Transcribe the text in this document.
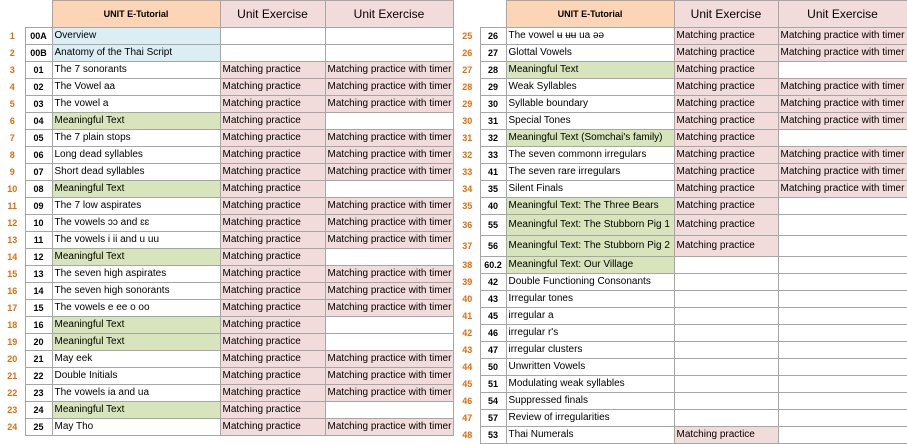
		UNIT E-Tutorial	Unit Exercise	Unit Exercise
1	00A	Overview		
2	00B	Anatomy of the Thai Script		
3	01	The 7 sonorants	Matching practice	Matching practice with timer
4	02	The Vowel aa	Matching practice	Matching practice with timer
5	03	The vowel a	Matching practice	Matching practice with timer
6	04	Meaningful Text	Matching practice	
7	05	The 7 plain stops	Matching practice	Matching practice with timer
8	06	Long dead syllables	Matching practice	Matching practice with timer
9	07	Short dead syllables	Matching practice	Matching practice with timer
10	08	Meaningful Text	Matching practice	
11	09	The 7 low aspirates	Matching practice	Matching practice with timer
12	10	The vowels ɔɔ and ɛɛ	Matching practice	Matching practice with timer
13	11	The vowels i ii and u uu	Matching practice	Matching practice with timer
14	12	Meaningful Text	Matching practice	
15	13	The seven high aspirates	Matching practice	Matching practice with timer
16	14	The seven high sonorants	Matching practice	Matching practice with timer
17	15	The vowels e ee o oo	Matching practice	Matching practice with timer
18	16	Meaningful Text	Matching practice	
19	20	Meaningful Text	Matching practice	
20	21	May eek	Matching practice	Matching practice with timer
21	22	Double Initials	Matching practice	Matching practice with timer
22	23	The vowels ia and ua	Matching practice	Matching practice with timer
23	24	Meaningful Text	Matching practice	
24	25	May Tho	Matching practice	Matching practice with timer
		UNIT E-Tutorial	Unit Exercise	Unit Exercise
25	26	The vowel ʉ ʉʉ ua əə	Matching practice	Matching practice with timer
26	27	Glottal Vowels	Matching practice	Matching practice with timer
27	28	Meaningful Text	Matching practice	
28	29	Weak Syllables	Matching practice	Matching practice with timer
29	30	Syllable boundary	Matching practice	Matching practice with timer
30	31	Special Tones	Matching practice	Matching practice with timer
31	32	Meaningful Text (Somchai's family)	Matching practice	
32	33	The seven commonn irregulars	Matching practice	Matching practice with timer
33	41	The seven rare irregulars	Matching practice	Matching practice with timer
34	35	Silent Finals	Matching practice	Matching practice with timer
35	40	Meaningful Text: The Three Bears	Matching practice	
36	55	Meaningful Text: The Stubborn Pig 1	Matching practice	
37	56	Meaningful Text: The Stubborn Pig 2	Matching practice	
38	60.2	Meaningful Text: Our Village		
39	42	Double Functioning Consonants		
40	43	Irregular tones		
41	45	irregular a		
42	46	irregular r's		
43	47	irregular clusters		
44	50	Unwritten Vowels		
45	51	Modulating weak syllables		
46	54	Suppressed finals		
47	57	Review of irregularities		
48	53	Thai Numerals	Matching practice	
